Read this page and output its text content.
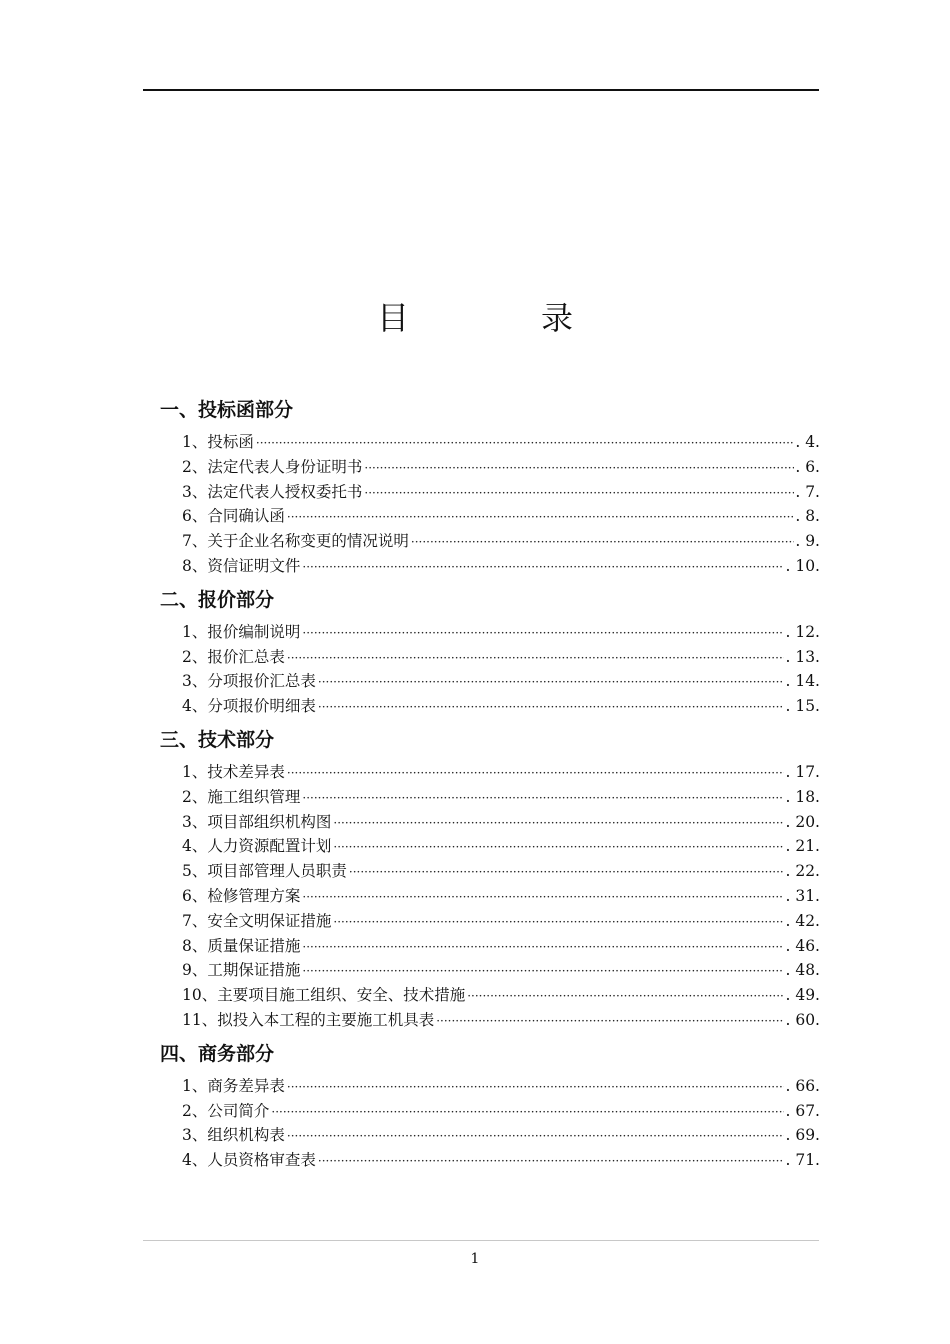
目　录
一、投标函部分
1、投标函 ·····	. 4.
2、法定代表人身份证明书 ·····	. 6.
3、法定代表人授权委托书 ·····	. 7.
6、合同确认函 ·····	. 8.
7、关于企业名称变更的情况说明 ·····	. 9.
8、资信证明文件 ·····	. 10.
二、报价部分
1、报价编制说明 ·····	. 12.
2、报价汇总表 ·····	. 13.
3、分项报价汇总表 ·····	. 14.
4、分项报价明细表 ·····	. 15.
三、技术部分
1、技术差异表 ·····	. 17.
2、施工组织管理 ·····	. 18.
3、项目部组织机构图 ·····	. 20.
4、人力资源配置计划 ·····	. 21.
5、项目部管理人员职责 ·····	. 22.
6、检修管理方案 ·····	. 31.
7、安全文明保证措施 ·····	. 42.
8、质量保证措施 ·····	. 46.
9、工期保证措施 ·····	. 48.
10、主要项目施工组织、安全、技术措施 ·····	. 49.
11、拟投入本工程的主要施工机具表 ·····	. 60.
四、商务部分
1、商务差异表 ·····	. 66.
2、公司简介 ·····	. 67.
3、组织机构表 ·····	. 69.
4、人员资格审查表 ·····	. 71.
1
